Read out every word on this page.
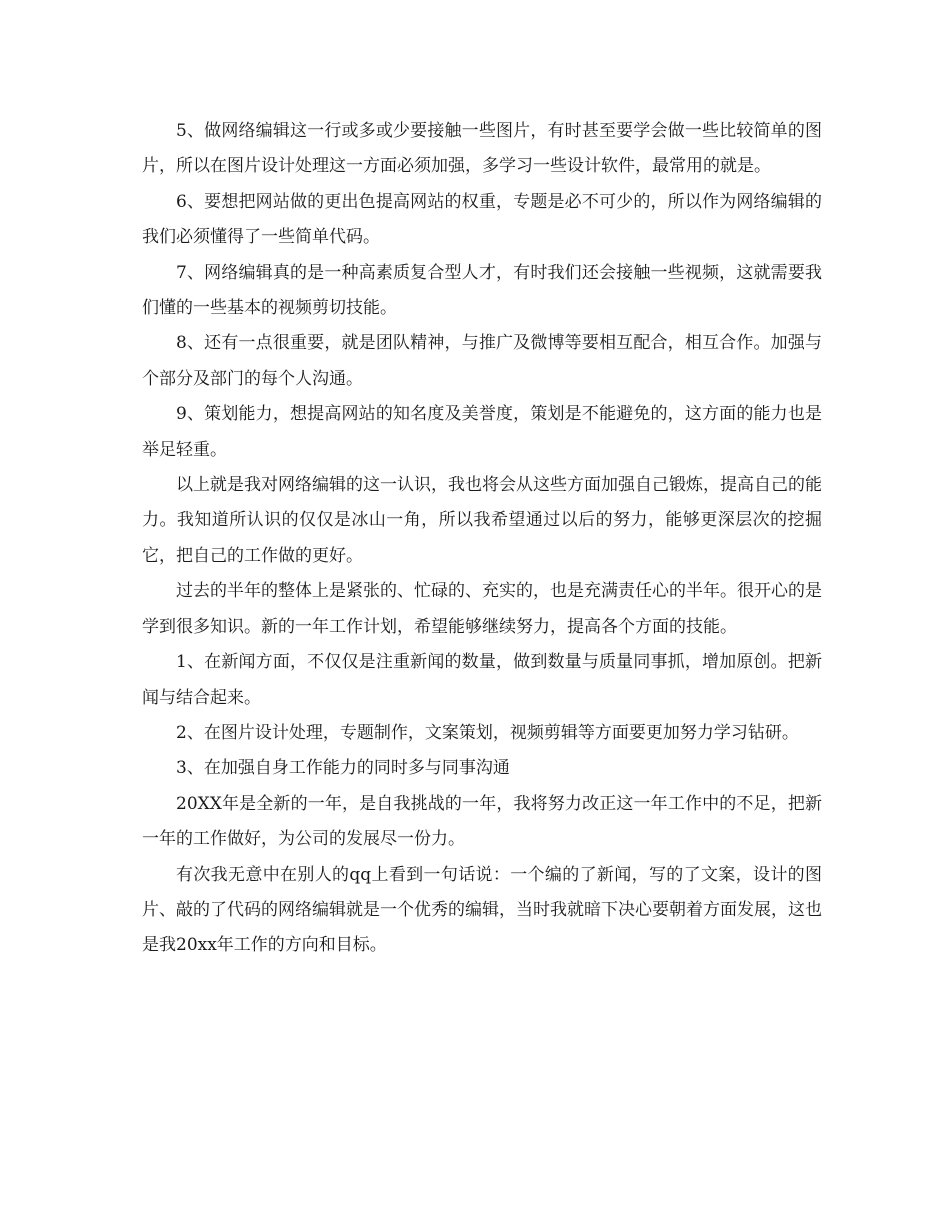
5、做网络编辑这一行或多或少要接触一些图片，有时甚至要学会做一些比较简单的图片，所以在图片设计处理这一方面必须加强，多学习一些设计软件，最常用的就是。

6、要想把网站做的更出色提高网站的权重，专题是必不可少的，所以作为网络编辑的我们必须懂得了一些简单代码。

7、网络编辑真的是一种高素质复合型人才，有时我们还会接触一些视频，这就需要我们懂的一些基本的视频剪切技能。

8、还有一点很重要，就是团队精神，与推广及微博等要相互配合，相互合作。加强与个部分及部门的每个人沟通。

9、策划能力，想提高网站的知名度及美誉度，策划是不能避免的，这方面的能力也是举足轻重。

以上就是我对网络编辑的这一认识，我也将会从这些方面加强自己锻炼，提高自己的能力。我知道所认识的仅仅是冰山一角，所以我希望通过以后的努力，能够更深层次的挖掘它，把自己的工作做的更好。

过去的半年的整体上是紧张的、忙碌的、充实的，也是充满责任心的半年。很开心的是学到很多知识。新的一年工作计划，希望能够继续努力，提高各个方面的技能。

1、在新闻方面，不仅仅是注重新闻的数量，做到数量与质量同事抓，增加原创。把新闻与结合起来。

2、在图片设计处理，专题制作，文案策划，视频剪辑等方面要更加努力学习钻研。

3、在加强自身工作能力的同时多与同事沟通

20XX年是全新的一年，是自我挑战的一年，我将努力改正这一年工作中的不足，把新一年的工作做好，为公司的发展尽一份力。

有次我无意中在别人的qq上看到一句话说：一个编的了新闻，写的了文案，设计的图片、敲的了代码的网络编辑就是一个优秀的编辑，当时我就暗下决心要朝着方面发展，这也是我20xx年工作的方向和目标。
